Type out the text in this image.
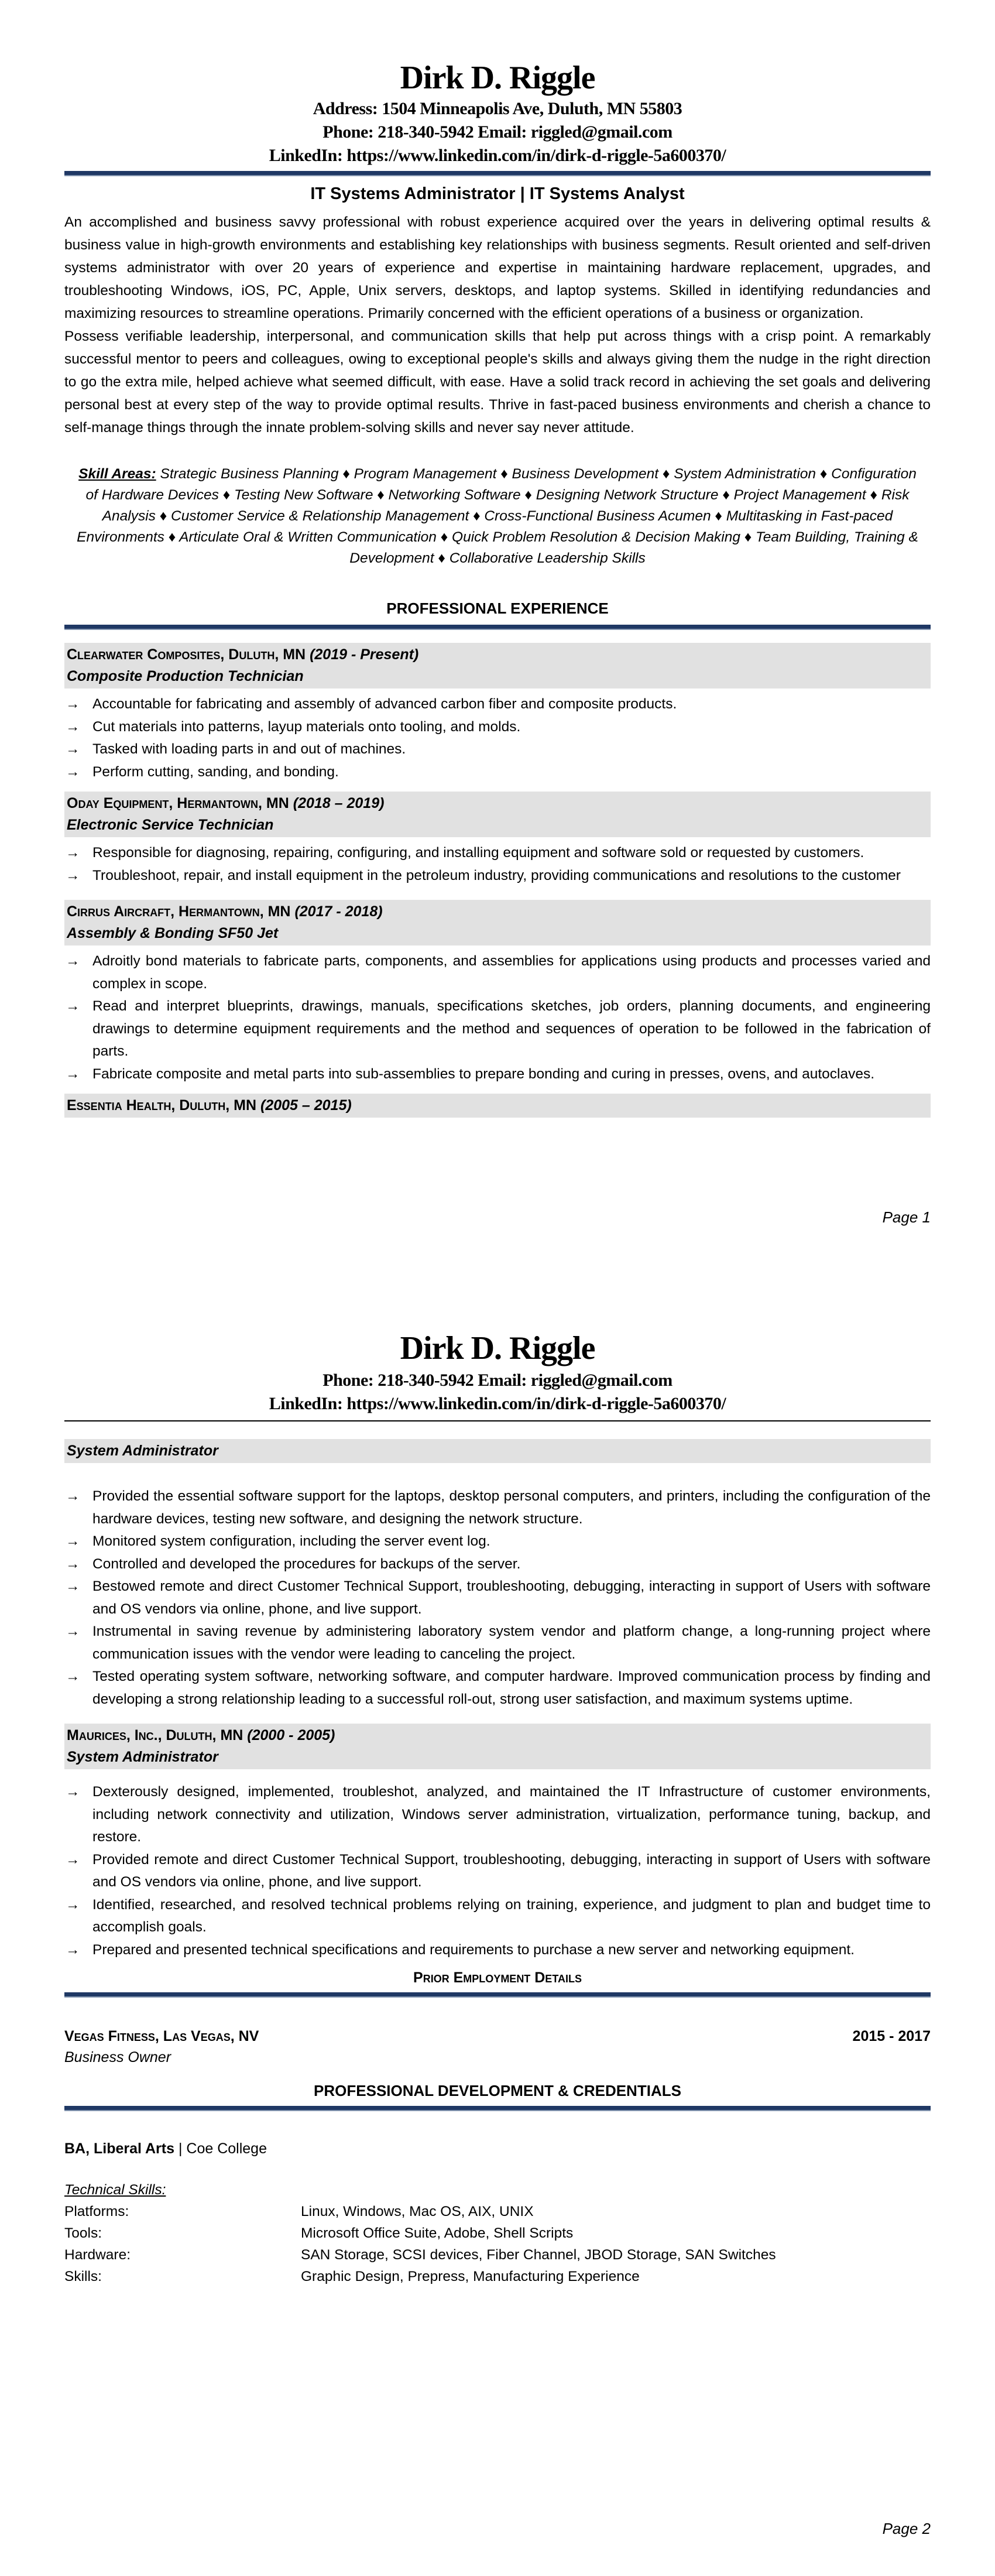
Dirk D. Riggle
Address: 1504 Minneapolis Ave, Duluth, MN 55803
Phone: 218-340-5942 Email: riggled@gmail.com
LinkedIn: https://www.linkedin.com/in/dirk-d-riggle-5a600370/
IT Systems Administrator | IT Systems Analyst

An accomplished and business savvy professional with robust experience acquired over the years in delivering optimal results & business value in high-growth environments and establishing key relationships with business segments. Result oriented and self-driven systems administrator with over 20 years of experience and expertise in maintaining hardware replacement, upgrades, and troubleshooting Windows, iOS, PC, Apple, Unix servers, desktops, and laptop systems. Skilled in identifying redundancies and maximizing resources to streamline operations. Primarily concerned with the efficient operations of a business or organization.

Possess verifiable leadership, interpersonal, and communication skills that help put across things with a crisp point. A remarkably successful mentor to peers and colleagues, owing to exceptional people's skills and always giving them the nudge in the right direction to go the extra mile, helped achieve what seemed difficult, with ease. Have a solid track record in achieving the set goals and delivering personal best at every step of the way to provide optimal results. Thrive in fast-paced business environments and cherish a chance to self-manage things through the innate problem-solving skills and never say never attitude.

Skill Areas: Strategic Business Planning ♦ Program Management ♦ Business Development ♦ System Administration ♦ Configuration of Hardware Devices ♦ Testing New Software ♦ Networking Software ♦ Designing Network Structure ♦ Project Management ♦ Risk Analysis ♦ Customer Service & Relationship Management ♦ Cross-Functional Business Acumen ♦ Multitasking in Fast-paced Environments ♦ Articulate Oral & Written Communication ♦ Quick Problem Resolution & Decision Making ♦ Team Building, Training & Development ♦ Collaborative Leadership Skills
PROFESSIONAL EXPERIENCE
Clearwater Composites, Duluth, MN (2019 - Present)
Composite Production Technician
→ Accountable for fabricating and assembly of advanced carbon fiber and composite products.
→ Cut materials into patterns, layup materials onto tooling, and molds.
→ Tasked with loading parts in and out of machines.
→ Perform cutting, sanding, and bonding.
Oday Equipment, Hermantown, MN (2018 – 2019)
Electronic Service Technician
→ Responsible for diagnosing, repairing, configuring, and installing equipment and software sold or requested by customers.
→ Troubleshoot, repair, and install equipment in the petroleum industry, providing communications and resolutions to the customer
Cirrus Aircraft, Hermantown, MN (2017 - 2018)
Assembly & Bonding SF50 Jet
→ Adroitly bond materials to fabricate parts, components, and assemblies for applications using products and processes varied and complex in scope.
→ Read and interpret blueprints, drawings, manuals, specifications sketches, job orders, planning documents, and engineering drawings to determine equipment requirements and the method and sequences of operation to be followed in the fabrication of parts.
→ Fabricate composite and metal parts into sub-assemblies to prepare bonding and curing in presses, ovens, and autoclaves.
Essentia Health, Duluth, MN (2005 – 2015)
Page 1
Dirk D. Riggle
Phone: 218-340-5942 Email: riggled@gmail.com
LinkedIn: https://www.linkedin.com/in/dirk-d-riggle-5a600370/
System Administrator
→ Provided the essential software support for the laptops, desktop personal computers, and printers, including the configuration of the hardware devices, testing new software, and designing the network structure.
→ Monitored system configuration, including the server event log.
→ Controlled and developed the procedures for backups of the server.
→ Bestowed remote and direct Customer Technical Support, troubleshooting, debugging, interacting in support of Users with software and OS vendors via online, phone, and live support.
→ Instrumental in saving revenue by administering laboratory system vendor and platform change, a long-running project where communication issues with the vendor were leading to canceling the project.
→ Tested operating system software, networking software, and computer hardware. Improved communication process by finding and developing a strong relationship leading to a successful roll-out, strong user satisfaction, and maximum systems uptime.
Maurices, Inc., Duluth, MN (2000 - 2005)
System Administrator
→ Dexterously designed, implemented, troubleshot, analyzed, and maintained the IT Infrastructure of customer environments, including network connectivity and utilization, Windows server administration, virtualization, performance tuning, backup, and restore.
→ Provided remote and direct Customer Technical Support, troubleshooting, debugging, interacting in support of Users with software and OS vendors via online, phone, and live support.
→ Identified, researched, and resolved technical problems relying on training, experience, and judgment to plan and budget time to accomplish goals.
→ Prepared and presented technical specifications and requirements to purchase a new server and networking equipment.
Prior Employment Details
Vegas Fitness, Las Vegas, NV	2015 - 2017
Business Owner
PROFESSIONAL DEVELOPMENT & CREDENTIALS
BA, Liberal Arts | Coe College
Technical Skills:
Platforms:	Linux, Windows, Mac OS, AIX, UNIX
Tools:	Microsoft Office Suite, Adobe, Shell Scripts
Hardware:	SAN Storage, SCSI devices, Fiber Channel, JBOD Storage, SAN Switches
Skills:	Graphic Design, Prepress, Manufacturing Experience
Page 2
